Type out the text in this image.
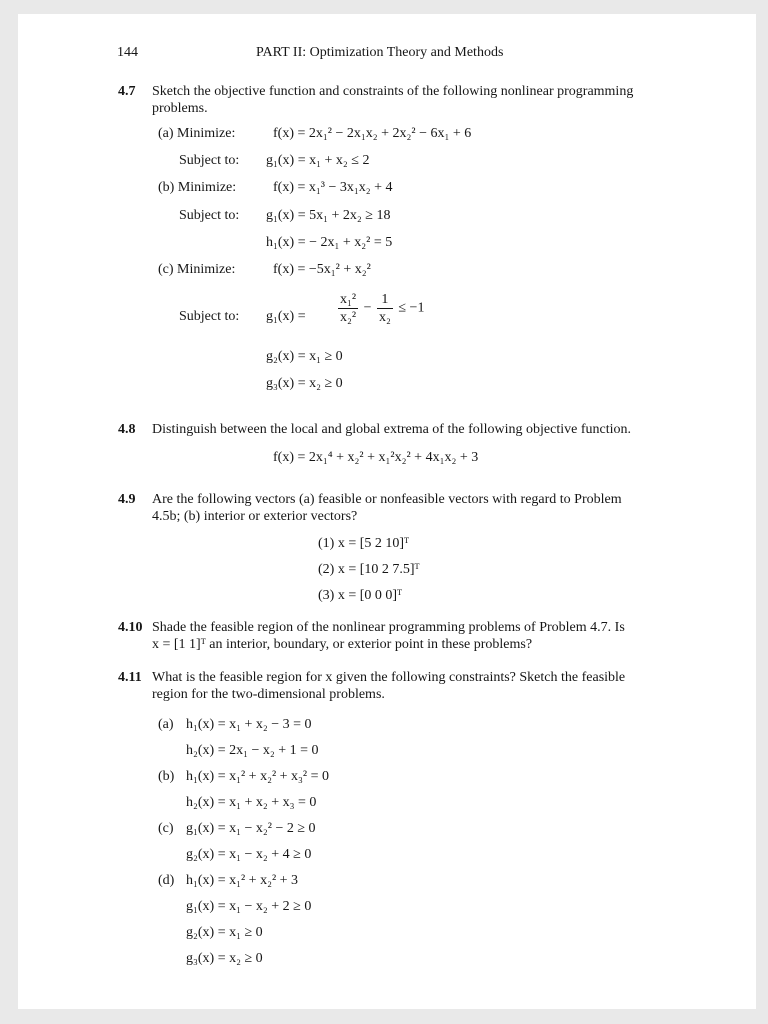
144	PART II: Optimization Theory and Methods
4.7 Sketch the objective function and constraints of the following nonlinear programming
problems.
(a) Minimize:	f(x) = 2x₁² − 2x₁x₂ + 2x₂² − 6x₁ + 6
Subject to: g₁(x) = x₁ + x₂ ≤ 2
(b) Minimize:	f(x) = x₁³ − 3x₁x₂ + 4
Subject to: g₁(x) = 5x₁ + 2x₂ ≥ 18
h₁(x) = − 2x₁ + x₂² = 5
(c) Minimize:	f(x) = −5x₁² + x₂²
Subject to: $g_1(x) = \frac{\text{x₁²}}{\text{x₂²}} - \frac{1}{\text{x₂}} \le -1$
g₂(x) = x₁ ≥ 0
g₃(x) = x₂ ≥ 0
4.8 Distinguish between the local and global extrema of the following objective function.
f(x) = 2x₁⁴ + x₂² + x₁²x₂² + 4x₁x₂ + 3
4.9 Are the following vectors (a) feasible or nonfeasible vectors with regard to Problem
4.5b; (b) interior or exterior vectors?
(1) x = [5 2 10]ᵀ
(2) x = [10 2 7.5]ᵀ
(3) x = [0 0 0]ᵀ
4.10 Shade the feasible region of the nonlinear programming problems of Problem 4.7. Is
x = [1 1]ᵀ an interior, boundary, or exterior point in these problems?
4.11 What is the feasible region for x given the following constraints? Sketch the feasible
region for the two-dimensional problems.
(a) h₁(x) = x₁ + x₂ − 3 = 0
h₂(x) = 2x₁ − x₂ + 1 = 0
(b) h₁(x) = x₁² + x₂² + x₃² = 0
h₂(x) = x₁ + x₂ + x₃ = 0
(c) g₁(x) = x₁ − x₂² − 2 ≥ 0
g₂(x) = x₁ − x₂ + 4 ≥ 0
(d) h₁(x) = x₁² + x₂² + 3
g₁(x) = x₁ − x₂ + 2 ≥ 0
g₂(x) = x₁ ≥ 0
g₃(x) = x₂ ≥ 0
